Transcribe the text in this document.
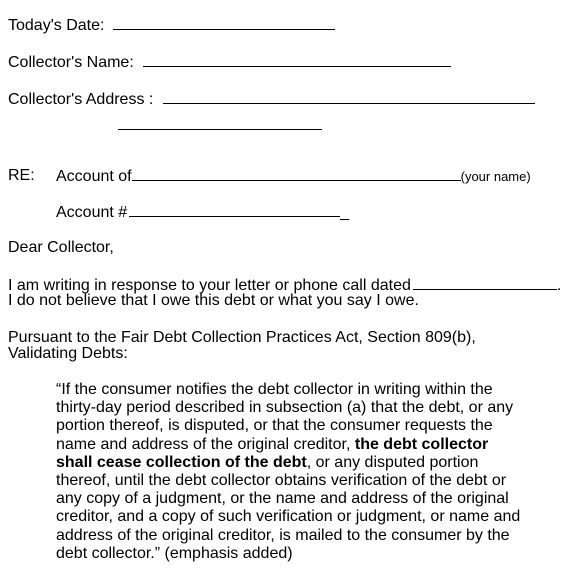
Today's Date:
Collector's Name:
Collector's Address :
RE: Account of	(your name)
Account #	_
Dear Collector,
I am writing in response to your letter or phone call dated	.
I do not believe that I owe this debt or what you say I owe.
Pursuant to the Fair Debt Collection Practices Act, Section 809(b),
Validating Debts:
“If the consumer notifies the debt collector in writing within the thirty-day period described in subsection (a) that the debt, or any portion thereof, is disputed, or that the consumer requests the name and address of the original creditor, the debt collector shall cease collection of the debt, or any disputed portion thereof, until the debt collector obtains verification of the debt or any copy of a judgment, or the name and address of the original creditor, and a copy of such verification or judgment, or name and address of the original creditor, is mailed to the consumer by the debt collector.” (emphasis added)
